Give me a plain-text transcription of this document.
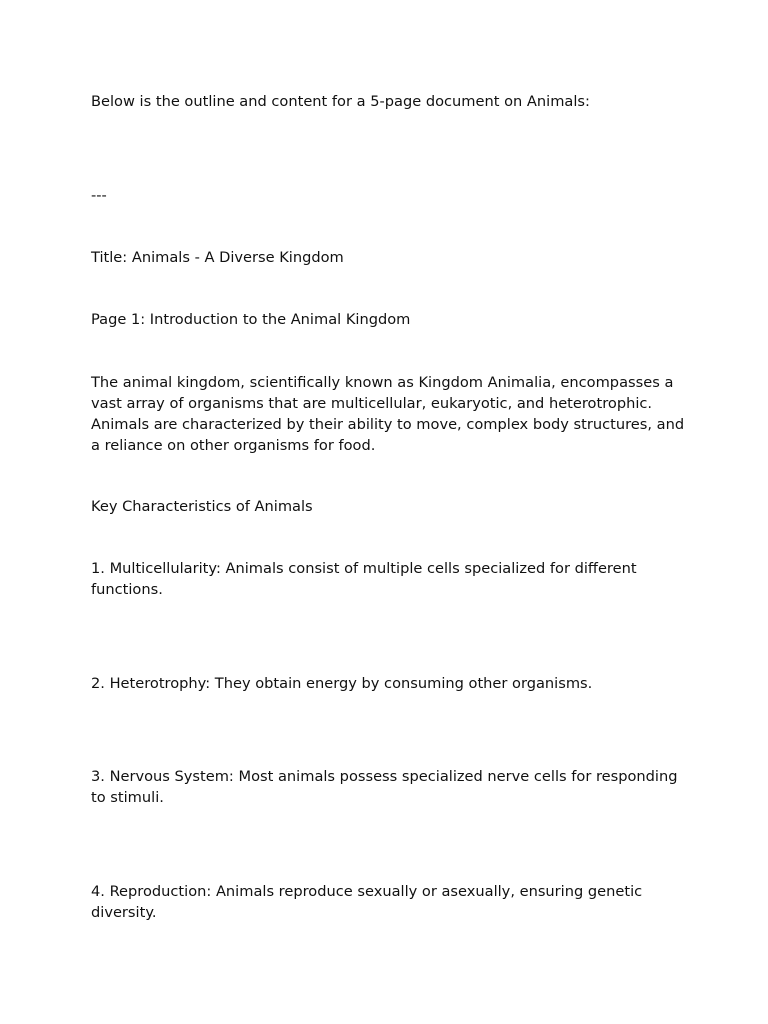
Below is the outline and content for a 5-page document on Animals:

---

Title: Animals - A Diverse Kingdom

Page 1: Introduction to the Animal Kingdom

The animal kingdom, scientifically known as Kingdom Animalia, encompasses a vast array of organisms that are multicellular, eukaryotic, and heterotrophic. Animals are characterized by their ability to move, complex body structures, and a reliance on other organisms for food.

Key Characteristics of Animals

1. Multicellularity: Animals consist of multiple cells specialized for different functions.

2. Heterotrophy: They obtain energy by consuming other organisms.

3. Nervous System: Most animals possess specialized nerve cells for responding to stimuli.

4. Reproduction: Animals reproduce sexually or asexually, ensuring genetic diversity.
